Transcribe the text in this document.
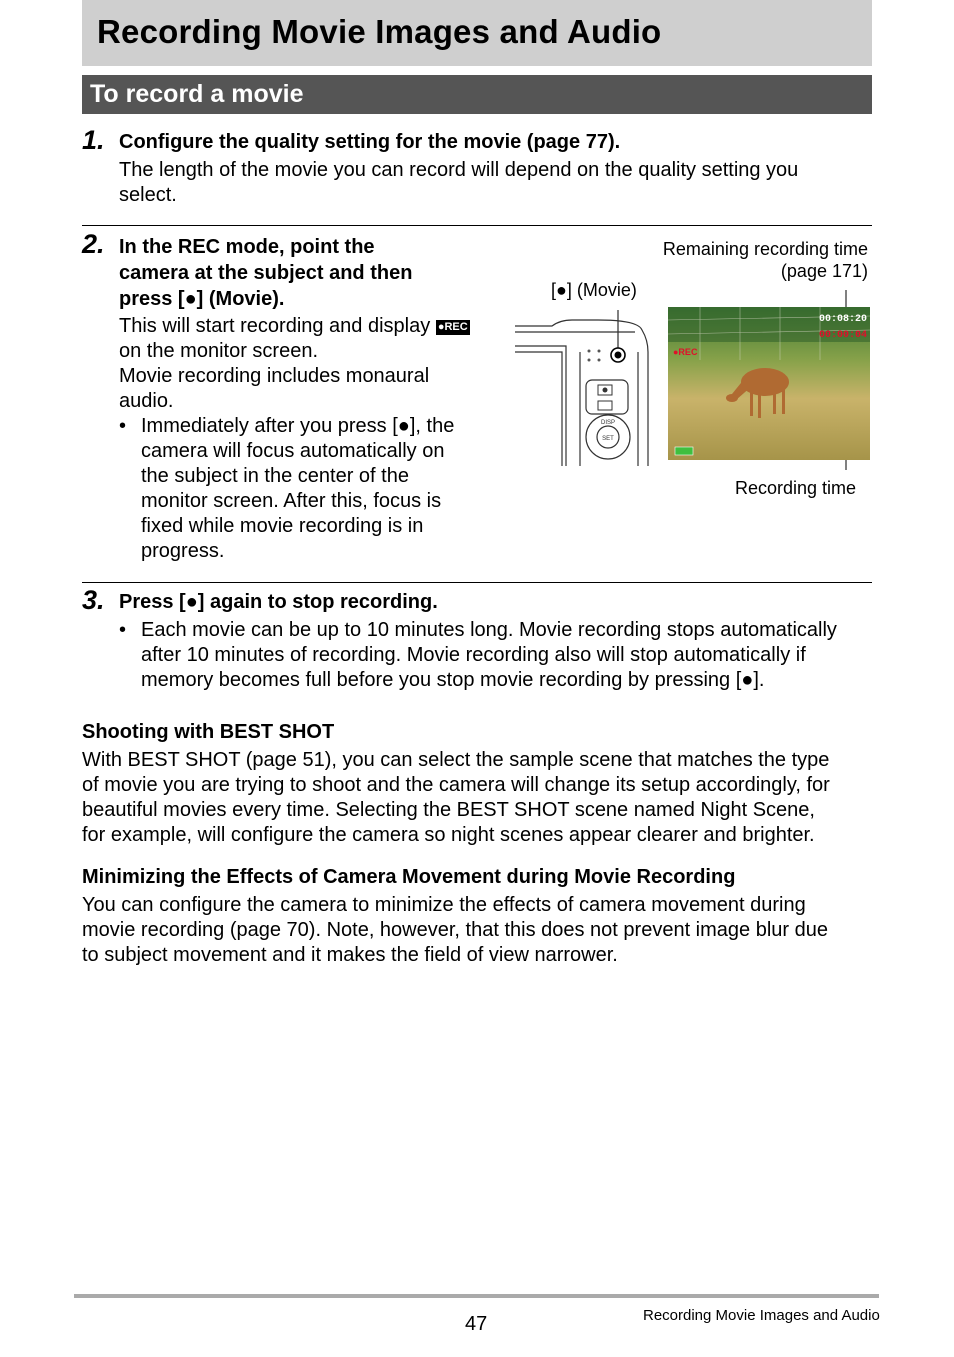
Recording Movie Images and Audio
To record a movie
1. Configure the quality setting for the movie (page 77).
The length of the movie you can record will depend on the quality setting you
select.
2. In the REC mode, point the
camera at the subject and then
press [●] (Movie).
This will start recording and display ●REC
on the monitor screen.
Movie recording includes monaural
audio.
• Immediately after you press [●], the
camera will focus automatically on
the subject in the center of the
monitor screen. After this, focus is
fixed while movie recording is in
progress.
Remaining recording time
(page 171)
[●] (Movie)
Recording time
DISP
SET
00:08:20
00:00:04
●REC
3. Press [●] again to stop recording.
• Each movie can be up to 10 minutes long. Movie recording stops automatically
after 10 minutes of recording. Movie recording also will stop automatically if
memory becomes full before you stop movie recording by pressing [●].
Shooting with BEST SHOT
With BEST SHOT (page 51), you can select the sample scene that matches the type
of movie you are trying to shoot and the camera will change its setup accordingly, for
beautiful movies every time. Selecting the BEST SHOT scene named Night Scene,
for example, will configure the camera so night scenes appear clearer and brighter.
Minimizing the Effects of Camera Movement during Movie Recording
You can configure the camera to minimize the effects of camera movement during
movie recording (page 70). Note, however, that this does not prevent image blur due
to subject movement and it makes the field of view narrower.
47	Recording Movie Images and Audio
